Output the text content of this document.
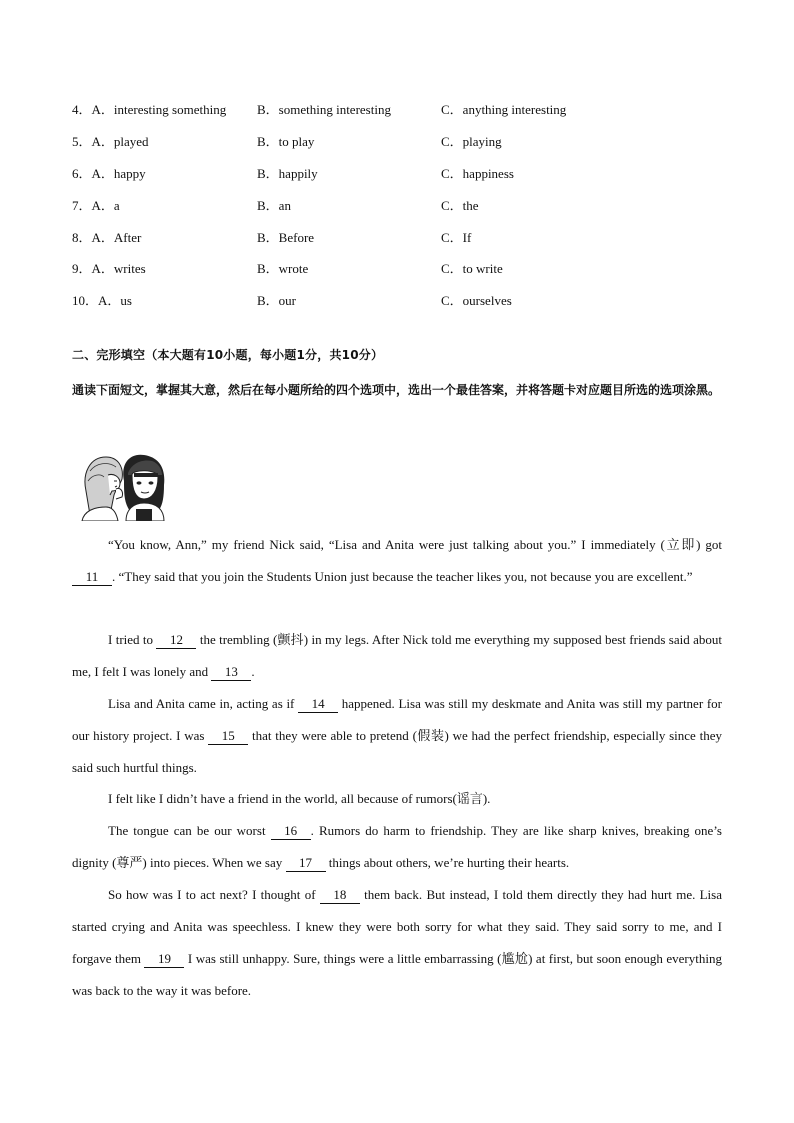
4．A．interesting something B．something interesting	C．anything interesting
5．A．played	B．to play	C．playing
6．A．happy	B．happily	C．happiness
7．A．a	B．an	C．the
8．A．After	B．Before	C．If
9．A．writes	B．wrote	C．to write
10．A．us	B．our	C．ourselves
二、完形填空（本大题有10小题，每小题1分，共10分）
通读下面短文，掌握其大意，然后在每小题所给的四个选项中，选出一个最佳答案，并将答题卡对应题目所选的选项涂黑。
“You know, Ann,” my friend Nick said, “Lisa and Anita were just talking about you.” I immediately (立即) got 11 . “They said that you join the Students Union just because the teacher likes you, not because you are excellent.”
I tried to 12 the trembling (颤抖) in my legs. After Nick told me everything my supposed best friends said about me, I felt I was lonely and 13 .
Lisa and Anita came in, acting as if 14 happened. Lisa was still my deskmate and Anita was still my partner for our history project. I was 15 that they were able to pretend (假装) we had the perfect friendship, especially since they said such hurtful things.
I felt like I didn’t have a friend in the world, all because of rumors(谣言).
The tongue can be our worst 16 . Rumors do harm to friendship. They are like sharp knives, breaking one’s dignity (尊严) into pieces. When we say 17 things about others, we’re hurting their hearts.
So how was I to act next? I thought of 18 them back. But instead, I told them directly they had hurt me. Lisa started crying and Anita was speechless. I knew they were both sorry for what they said. They said sorry to me, and I forgave them 19 I was still unhappy. Sure, things were a little embarrassing (尴尬) at first, but soon enough everything was back to the way it was before.
